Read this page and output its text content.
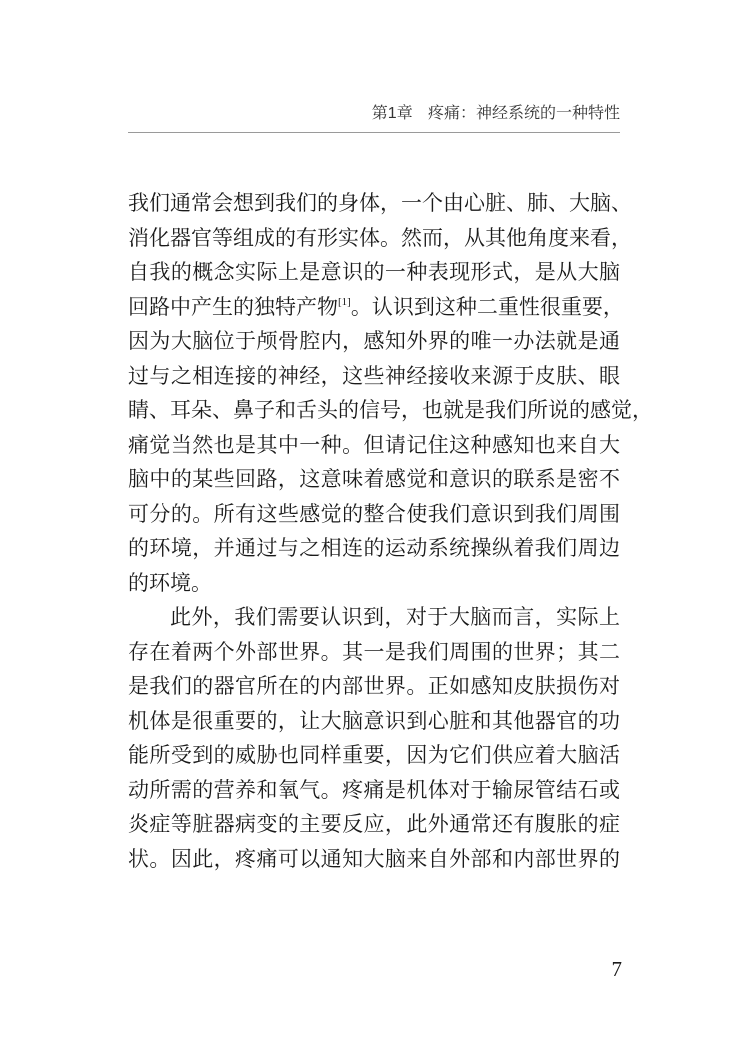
第1章 疼痛：神经系统的一种特性
我们通常会想到我们的身体，一个由心脏、肺、大脑、
消化器官等组成的有形实体。然而，从其他角度来看，
自我的概念实际上是意识的一种表现形式，是从大脑
回路中产生的独特产物[1]。认识到这种二重性很重要，
因为大脑位于颅骨腔内，感知外界的唯一办法就是通
过与之相连接的神经，这些神经接收来源于皮肤、眼
睛、耳朵、鼻子和舌头的信号，也就是我们所说的感觉，
痛觉当然也是其中一种。但请记住这种感知也来自大
脑中的某些回路，这意味着感觉和意识的联系是密不
可分的。所有这些感觉的整合使我们意识到我们周围
的环境，并通过与之相连的运动系统操纵着我们周边
的环境。
此外，我们需要认识到，对于大脑而言，实际上
存在着两个外部世界。其一是我们周围的世界；其二
是我们的器官所在的内部世界。正如感知皮肤损伤对
机体是很重要的，让大脑意识到心脏和其他器官的功
能所受到的威胁也同样重要，因为它们供应着大脑活
动所需的营养和氧气。疼痛是机体对于输尿管结石或
炎症等脏器病变的主要反应，此外通常还有腹胀的症
状。因此，疼痛可以通知大脑来自外部和内部世界的
7
